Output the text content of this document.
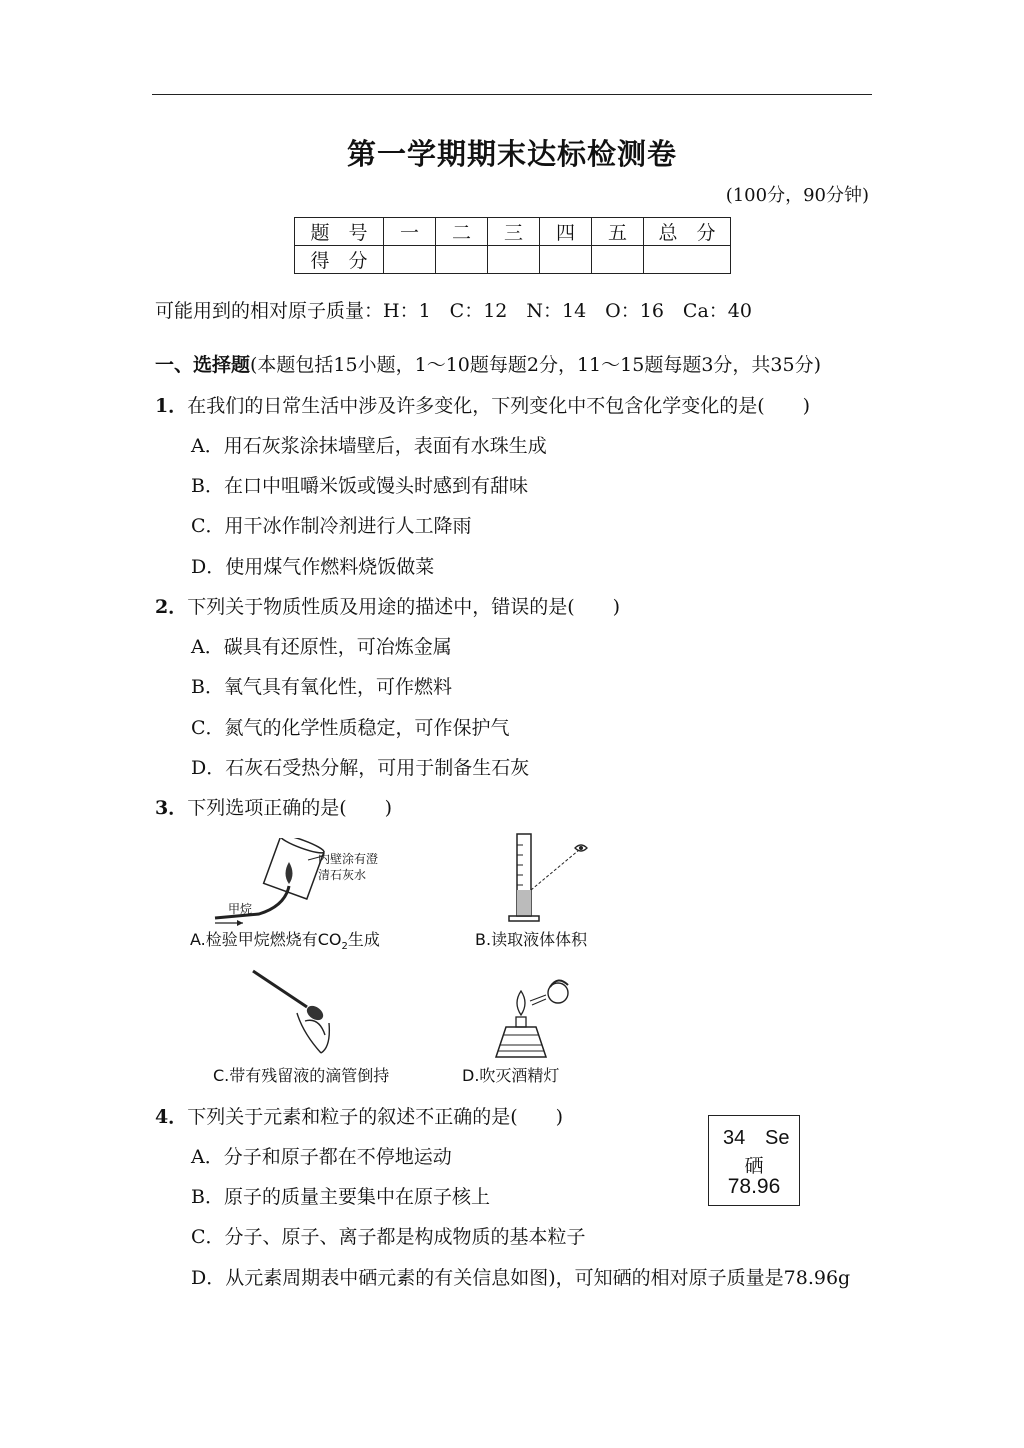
第一学期期末达标检测卷
(100分，90分钟)
题　号	一	二	三	四	五	总　分
得　分						
可能用到的相对原子质量：H：1　C：12　N：14　O：16　Ca：40
一、选择题(本题包括15小题，1～10题每题2分，11～15题每题3分，共35分)
1．在我们的日常生活中涉及许多变化，下列变化中不包含化学变化的是(　　)
A．用石灰浆涂抹墙壁后，表面有水珠生成
B．在口中咀嚼米饭或馒头时感到有甜味
C．用干冰作制冷剂进行人工降雨
D．使用煤气作燃料烧饭做菜
2．下列关于物质性质及用途的描述中，错误的是(　　)
A．碳具有还原性，可冶炼金属
B．氧气具有氧化性，可作燃料
C．氮气的化学性质稳定，可作保护气
D．石灰石受热分解，可用于制备生石灰
3．下列选项正确的是(　　)
内壁涂有澄
清石灰水
甲烷
A.检验甲烷燃烧有$CO_2$生成	B.读取液体体积
C.带有残留液的滴管倒持	D.吹灭酒精灯
4．下列关于元素和粒子的叙述不正确的是(　　)
A．分子和原子都在不停地运动
B．原子的质量主要集中在原子核上
C．分子、原子、离子都是构成物质的基本粒子
D．从元素周期表中硒元素的有关信息如图)，可知硒的相对原子质量是78.96g
34 Se
硒
78.96
